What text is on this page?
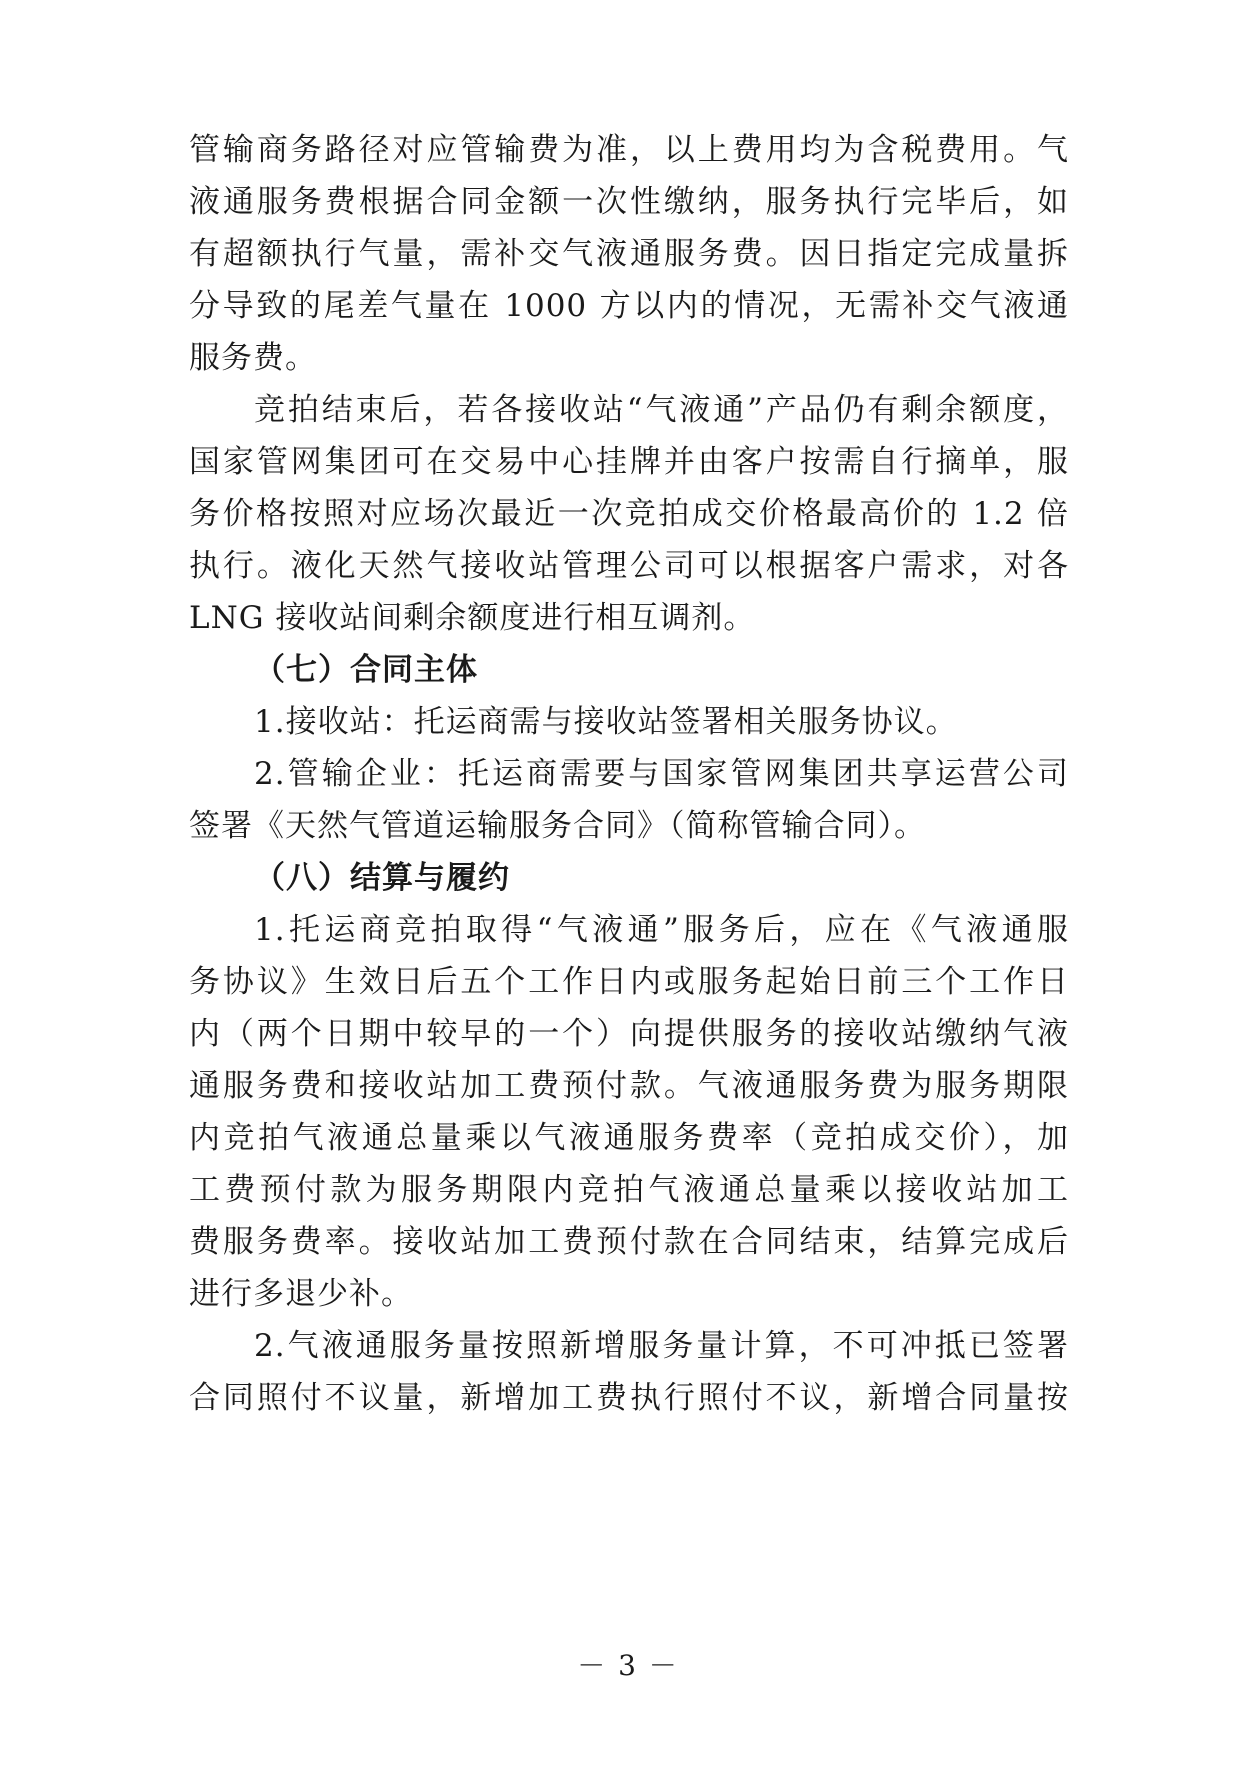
管输商务路径对应管输费为准，以上费用均为含税费用。气
液通服务费根据合同金额一次性缴纳，服务执行完毕后，如
有超额执行气量，需补交气液通服务费。因日指定完成量拆
分导致的尾差气量在 1000 方以内的情况，无需补交气液通
服务费。
竞拍结束后，若各接收站“气液通”产品仍有剩余额度，
国家管网集团可在交易中心挂牌并由客户按需自行摘单，服
务价格按照对应场次最近一次竞拍成交价格最高价的 1.2 倍
执行。液化天然气接收站管理公司可以根据客户需求，对各
LNG 接收站间剩余额度进行相互调剂。
（七）合同主体
1.接收站：托运商需与接收站签署相关服务协议。
2.管输企业：托运商需要与国家管网集团共享运营公司
签署《天然气管道运输服务合同》（简称管输合同）。
（八）结算与履约
1.托运商竞拍取得“气液通”服务后，应在《气液通服
务协议》生效日后五个工作日内或服务起始日前三个工作日
内（两个日期中较早的一个）向提供服务的接收站缴纳气液
通服务费和接收站加工费预付款。气液通服务费为服务期限
内竞拍气液通总量乘以气液通服务费率（竞拍成交价），加
工费预付款为服务期限内竞拍气液通总量乘以接收站加工
费服务费率。接收站加工费预付款在合同结束，结算完成后
进行多退少补。
2.气液通服务量按照新增服务量计算，不可冲抵已签署
合同照付不议量，新增加工费执行照付不议，新增合同量按
－ 3 －
